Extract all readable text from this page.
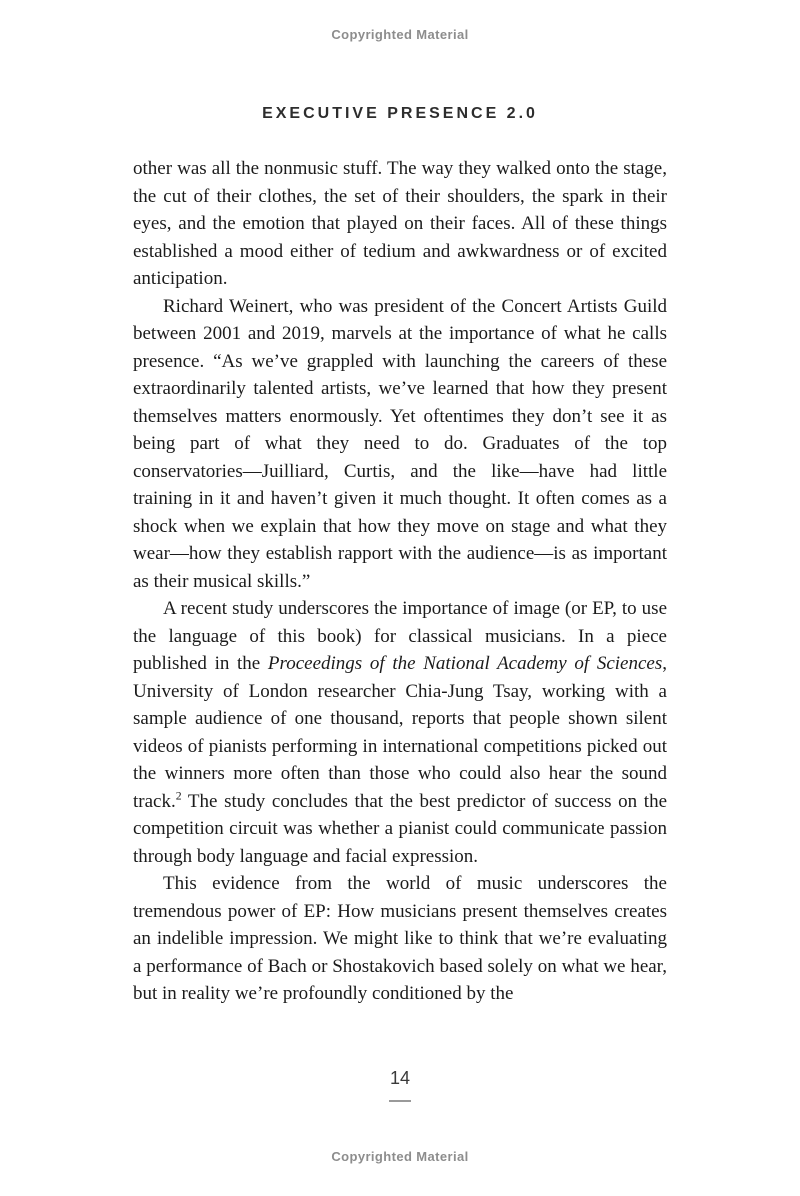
Copyrighted Material
EXECUTIVE PRESENCE 2.0

other was all the nonmusic stuff. The way they walked onto the stage, the cut of their clothes, the set of their shoulders, the spark in their eyes, and the emotion that played on their faces. All of these things established a mood either of tedium and awkwardness or of excited anticipation.

Richard Weinert, who was president of the Concert Artists Guild between 2001 and 2019, marvels at the importance of what he calls presence. “As we’ve grappled with launching the careers of these extraordinarily talented artists, we’ve learned that how they present themselves matters enormously. Yet oftentimes they don’t see it as being part of what they need to do. Graduates of the top conservatories—Juilliard, Curtis, and the like—have had little training in it and haven’t given it much thought. It often comes as a shock when we explain that how they move on stage and what they wear—how they establish rapport with the audience—is as important as their musical skills.”

A recent study underscores the importance of image (or EP, to use the language of this book) for classical musicians. In a piece published in the Proceedings of the National Academy of Sciences, University of London researcher Chia-Jung Tsay, working with a sample audience of one thousand, reports that people shown silent videos of pianists performing in international competitions picked out the winners more often than those who could also hear the sound track.$^2$ The study concludes that the best predictor of success on the competition circuit was whether a pianist could communicate passion through body language and facial expression.

This evidence from the world of music underscores the tremendous power of EP: How musicians present themselves creates an indelible impression. We might like to think that we’re evaluating a performance of Bach or Shostakovich based solely on what we hear, but in reality we’re profoundly conditioned by the

14
Copyrighted Material
